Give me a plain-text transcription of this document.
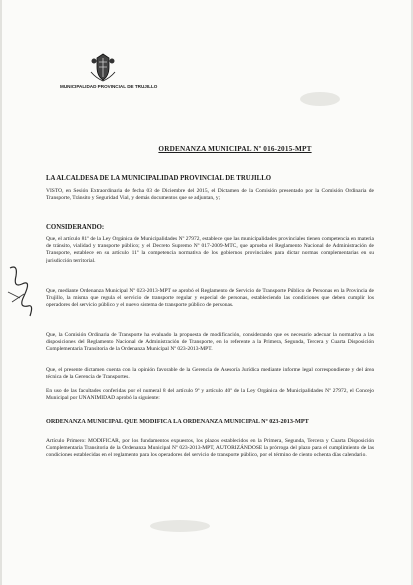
MUNICIPALIDAD PROVINCIAL DE TRUJILLO
ORDENANZA MUNICIPAL Nº 016-2015-MPT
LA ALCALDESA DE LA MUNICIPALIDAD PROVINCIAL DE TRUJILLO
VISTO, en Sesión Extraordinaria de fecha 03 de Diciembre del 2015, el Dictamen de la Comisión presentado por la Comisión Ordinaria de Transporte, Tránsito y Seguridad Vial, y demás documentos que se adjuntan, y;
CONSIDERANDO:
Que, el artículo 81º de la Ley Orgánica de Municipalidades Nº 27972, establece que las municipalidades provinciales tienen competencia en materia de tránsito, vialidad y transporte público; y el Decreto Supremo Nº 017-2009-MTC, que aprueba el Reglamento Nacional de Administración de Transporte, establece en su artículo 11º la competencia normativa de los gobiernos provinciales para dictar normas complementarias en su jurisdicción territorial.
Que, mediante Ordenanza Municipal Nº 023-2013-MPT se aprobó el Reglamento de Servicio de Transporte Público de Personas en la Provincia de Trujillo, la misma que regula el servicio de transporte regular y especial de personas, estableciendo las condiciones que deben cumplir los operadores del servicio público y el nuevo sistema de transporte público de personas.
Que, la Comisión Ordinaria de Transporte ha evaluado la propuesta de modificación, considerando que es necesario adecuar la normativa a las disposiciones del Reglamento Nacional de Administración de Transporte, en lo referente a la Primera, Segunda, Tercera y Cuarta Disposición Complementaria Transitoria de la Ordenanza Municipal Nº 023-2013-MPT.
Que, el presente dictamen cuenta con la opinión favorable de la Gerencia de Asesoría Jurídica mediante informe legal correspondiente y del área técnica de la Gerencia de Transportes.
En uso de las facultades conferidas por el numeral 8 del artículo 9º y artículo 40º de la Ley Orgánica de Municipalidades Nº 27972, el Concejo Municipal por UNANIMIDAD aprobó la siguiente:
ORDENANZA MUNICIPAL QUE MODIFICA LA ORDENANZA MUNICIPAL Nº 023-2013-MPT
Artículo Primero: MODIFICAR, por los fundamentos expuestos, los plazos establecidos en la Primera, Segunda, Tercera y Cuarta Disposición Complementaria Transitoria de la Ordenanza Municipal Nº 023-2013-MPT, AUTORIZÁNDOSE la prórroga del plazo para el cumplimiento de las condiciones establecidas en el reglamento para los operadores del servicio de transporte público, por el término de ciento ochenta días calendario.
